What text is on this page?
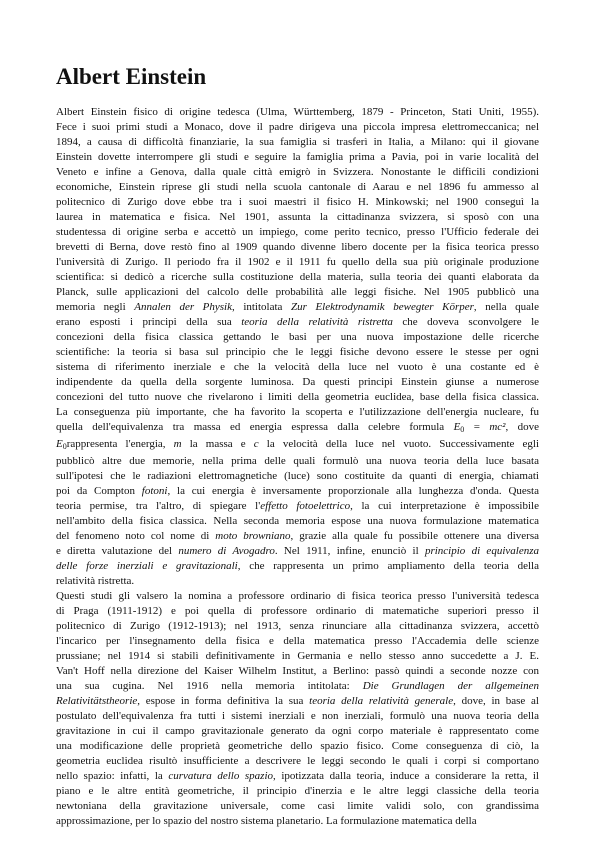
Albert Einstein

Albert Einstein fisico di origine tedesca (Ulma, Württemberg, 1879 - Princeton, Stati Uniti, 1955).
Fece i suoi primi studi a Monaco, dove il padre dirigeva una piccola impresa elettromeccanica; nel
1894, a causa di difficoltà finanziarie, la sua famiglia si trasferì in Italia, a Milano: qui il giovane
Einstein dovette interrompere gli studi e seguire la famiglia prima a Pavia, poi in varie località del
Veneto e infine a Genova, dalla quale città emigrò in Svizzera. Nonostante le difficili condizioni
economiche, Einstein riprese gli studi nella scuola cantonale di Aarau e nel 1896 fu ammesso al
politecnico di Zurigo dove ebbe tra i suoi maestri il fisico H. Minkowski; nel 1900 conseguì la
laurea in matematica e fisica. Nel 1901, assunta la cittadinanza svizzera, si sposò con una
studentessa di origine serba e accettò un impiego, come perito tecnico, presso l'Ufficio federale dei
brevetti di Berna, dove restò fino al 1909 quando divenne libero docente per la fisica teorica presso
l'università di Zurigo. Il periodo fra il 1902 e il 1911 fu quello della sua più originale produzione
scientifica: si dedicò a ricerche sulla costituzione della materia, sulla teoria dei quanti elaborata da
Planck, sulle applicazioni del calcolo delle probabilità alle leggi fisiche. Nel 1905 pubblicò una
memoria negli Annalen der Physik, intitolata Zur Elektrodynamik bewegter Körper, nella quale
erano esposti i principi della sua teoria della relatività ristretta che doveva sconvolgere le
concezioni della fisica classica gettando le basi per una nuova impostazione delle ricerche
scientifiche: la teoria si basa sul principio che le leggi fisiche devono essere le stesse per ogni
sistema di riferimento inerziale e che la velocità della luce nel vuoto è una costante ed è
indipendente da quella della sorgente luminosa. Da questi principi Einstein giunse a numerose
concezioni del tutto nuove che rivelarono i limiti della geometria euclidea, base della fisica classica.
La conseguenza più importante, che ha favorito la scoperta e l'utilizzazione dell'energia nucleare, fu
quella dell'equivalenza tra massa ed energia espressa dalla celebre formula $E_0 = mc^2$, dove
$E_0rappresenta$ l'energia, m la massa e c la velocità della luce nel vuoto. Successivamente egli
pubblicò altre due memorie, nella prima delle quali formulò una nuova teoria della luce basata
sull'ipotesi che le radiazioni elettromagnetiche (luce) sono costituite da quanti di energia, chiamati
poi da Compton fotoni, la cui energia è inversamente proporzionale alla lunghezza d'onda. Questa
teoria permise, tra l'altro, di spiegare l'effetto fotoelettrico, la cui interpretazione è impossibile
nell'ambito della fisica classica. Nella seconda memoria espose una nuova formulazione matematica
del fenomeno noto col nome di moto browniano, grazie alla quale fu possibile ottenere una diversa
e diretta valutazione del numero di Avogadro. Nel 1911, infine, enunciò il principio di equivalenza
delle forze inerziali e gravitazionali, che rappresenta un primo ampliamento della teoria della
relatività ristretta.

Questi studi gli valsero la nomina a professore ordinario di fisica teorica presso l'università tedesca
di Praga (1911-1912) e poi quella di professore ordinario di matematiche superiori presso il
politecnico di Zurigo (1912-1913); nel 1913, senza rinunciare alla cittadinanza svizzera, accettò
l'incarico per l'insegnamento della fisica e della matematica presso l'Accademia delle scienze
prussiane; nel 1914 si stabilì definitivamente in Germania e nello stesso anno succedette a J. E.
Van't Hoff nella direzione del Kaiser Wilhelm Institut, a Berlino: passò quindi a seconde nozze con
una sua cugina. Nel 1916 nella memoria intitolata: Die Grundlagen der allgemeinen
Relativitätstheorie, espose in forma definitiva la sua teoria della relatività generale, dove, in base al
postulato dell'equivalenza fra tutti i sistemi inerziali e non inerziali, formulò una nuova teoria della
gravitazione in cui il campo gravitazionale generato da ogni corpo materiale è rappresentato come
una modificazione delle proprietà geometriche dello spazio fisico. Come conseguenza di ciò, la
geometria euclidea risultò insufficiente a descrivere le leggi secondo le quali i corpi si comportano
nello spazio: infatti, la curvatura dello spazio, ipotizzata dalla teoria, induce a considerare la retta, il
piano e le altre entità geometriche, il principio d'inerzia e le altre leggi classiche della teoria
newtoniana della gravitazione universale, come casi limite validi solo, con grandissima
approssimazione, per lo spazio del nostro sistema planetario. La formulazione matematica della
